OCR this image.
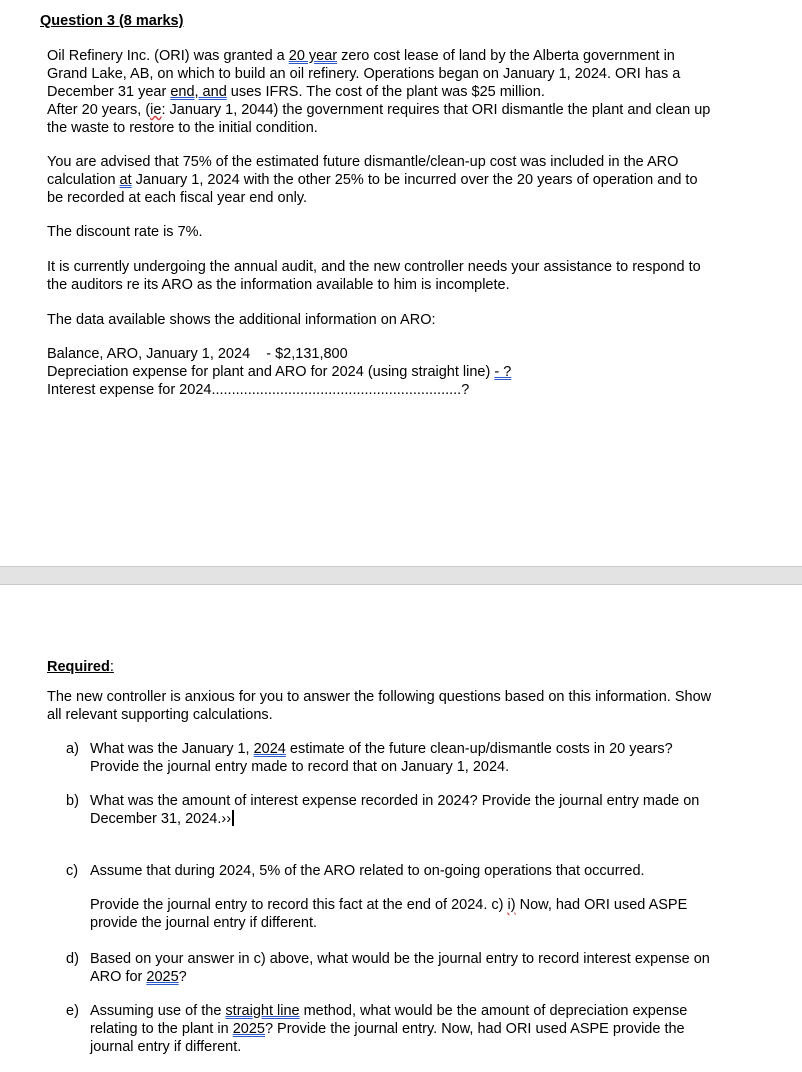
Question 3 (8 marks)
Oil Refinery Inc. (ORI) was granted a 20 year zero cost lease of land by the Alberta government in
Grand Lake, AB, on which to build an oil refinery. Operations began on January 1, 2024. ORI has a
December 31 year end, and uses IFRS. The cost of the plant was $25 million.
After 20 years, (ie: January 1, 2044) the government requires that ORI dismantle the plant and clean up
the waste to restore to the initial condition.
You are advised that 75% of the estimated future dismantle/clean-up cost was included in the ARO
calculation at January 1, 2024 with the other 25% to be incurred over the 20 years of operation and to
be recorded at each fiscal year end only.
The discount rate is 7%.
It is currently undergoing the annual audit, and the new controller needs your assistance to respond to
the auditors re its ARO as the information available to him is incomplete.
The data available shows the additional information on ARO:
Balance, ARO, January 1, 2024    - $2,131,800
Depreciation expense for plant and ARO for 2024 (using straight line) - ?
Interest expense for 2024..............................................................?
Required:
The new controller is anxious for you to answer the following questions based on this information. Show
all relevant supporting calculations.
a) What was the January 1, 2024 estimate of the future clean-up/dismantle costs in 20 years?
Provide the journal entry made to record that on January 1, 2024.
b) What was the amount of interest expense recorded in 2024? Provide the journal entry made on
December 31, 2024.››
c) Assume that during 2024, 5% of the ARO related to on-going operations that occurred.
Provide the journal entry to record this fact at the end of 2024. c) i) Now, had ORI used ASPE
provide the journal entry if different.
d) Based on your answer in c) above, what would be the journal entry to record interest expense on
ARO for 2025?
e) Assuming use of the straight line method, what would be the amount of depreciation expense
relating to the plant in 2025? Provide the journal entry. Now, had ORI used ASPE provide the
journal entry if different.
